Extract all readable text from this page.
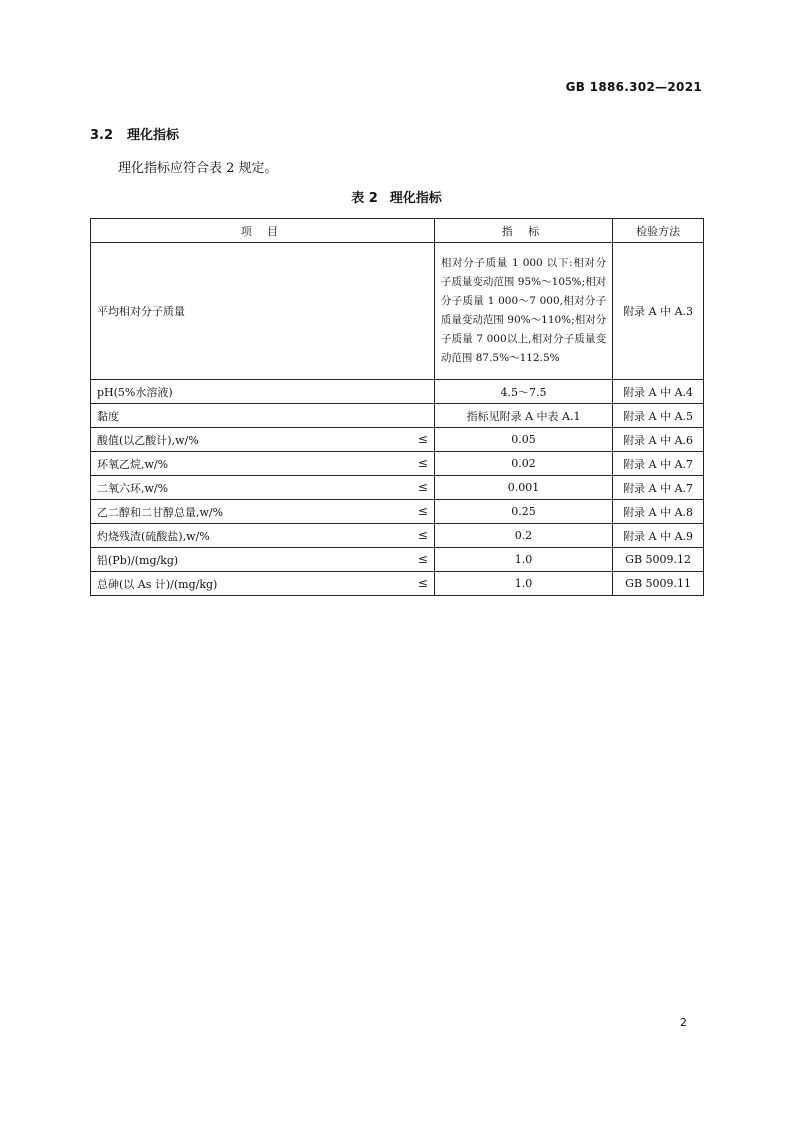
GB 1886.302—2021
3.2 理化指标
理化指标应符合表 2 规定。
表 2 理化指标
项 目	指 标	检验方法

平均相对分子质量	相对分子质量 1 000 以下:相对分子质量变动范围 95%～105%;相对分子质量 1 000～7 000,相对分子质量变动范围 90%～110%;相对分子质量 7 000以上,相对分子质量变动范围 87.5%～112.5%	附录 A 中 A.3

pH(5%水溶液)	4.5～7.5	附录 A 中 A.4

黏度	指标见附录 A 中表 A.1	附录 A 中 A.5

酸值(以乙酸计),w/% ≤	0.05	附录 A 中 A.6

环氧乙烷,w/% ≤	0.02	附录 A 中 A.7

二氧六环,w/% ≤	0.001	附录 A 中 A.7

乙二醇和二甘醇总量,w/% ≤	0.25	附录 A 中 A.8

灼烧残渣(硫酸盐),w/% ≤	0.2	附录 A 中 A.9

铅(Pb)/(mg/kg) ≤	1.0	GB 5009.12

总砷(以 As 计)/(mg/kg) ≤	1.0	GB 5009.11
2
